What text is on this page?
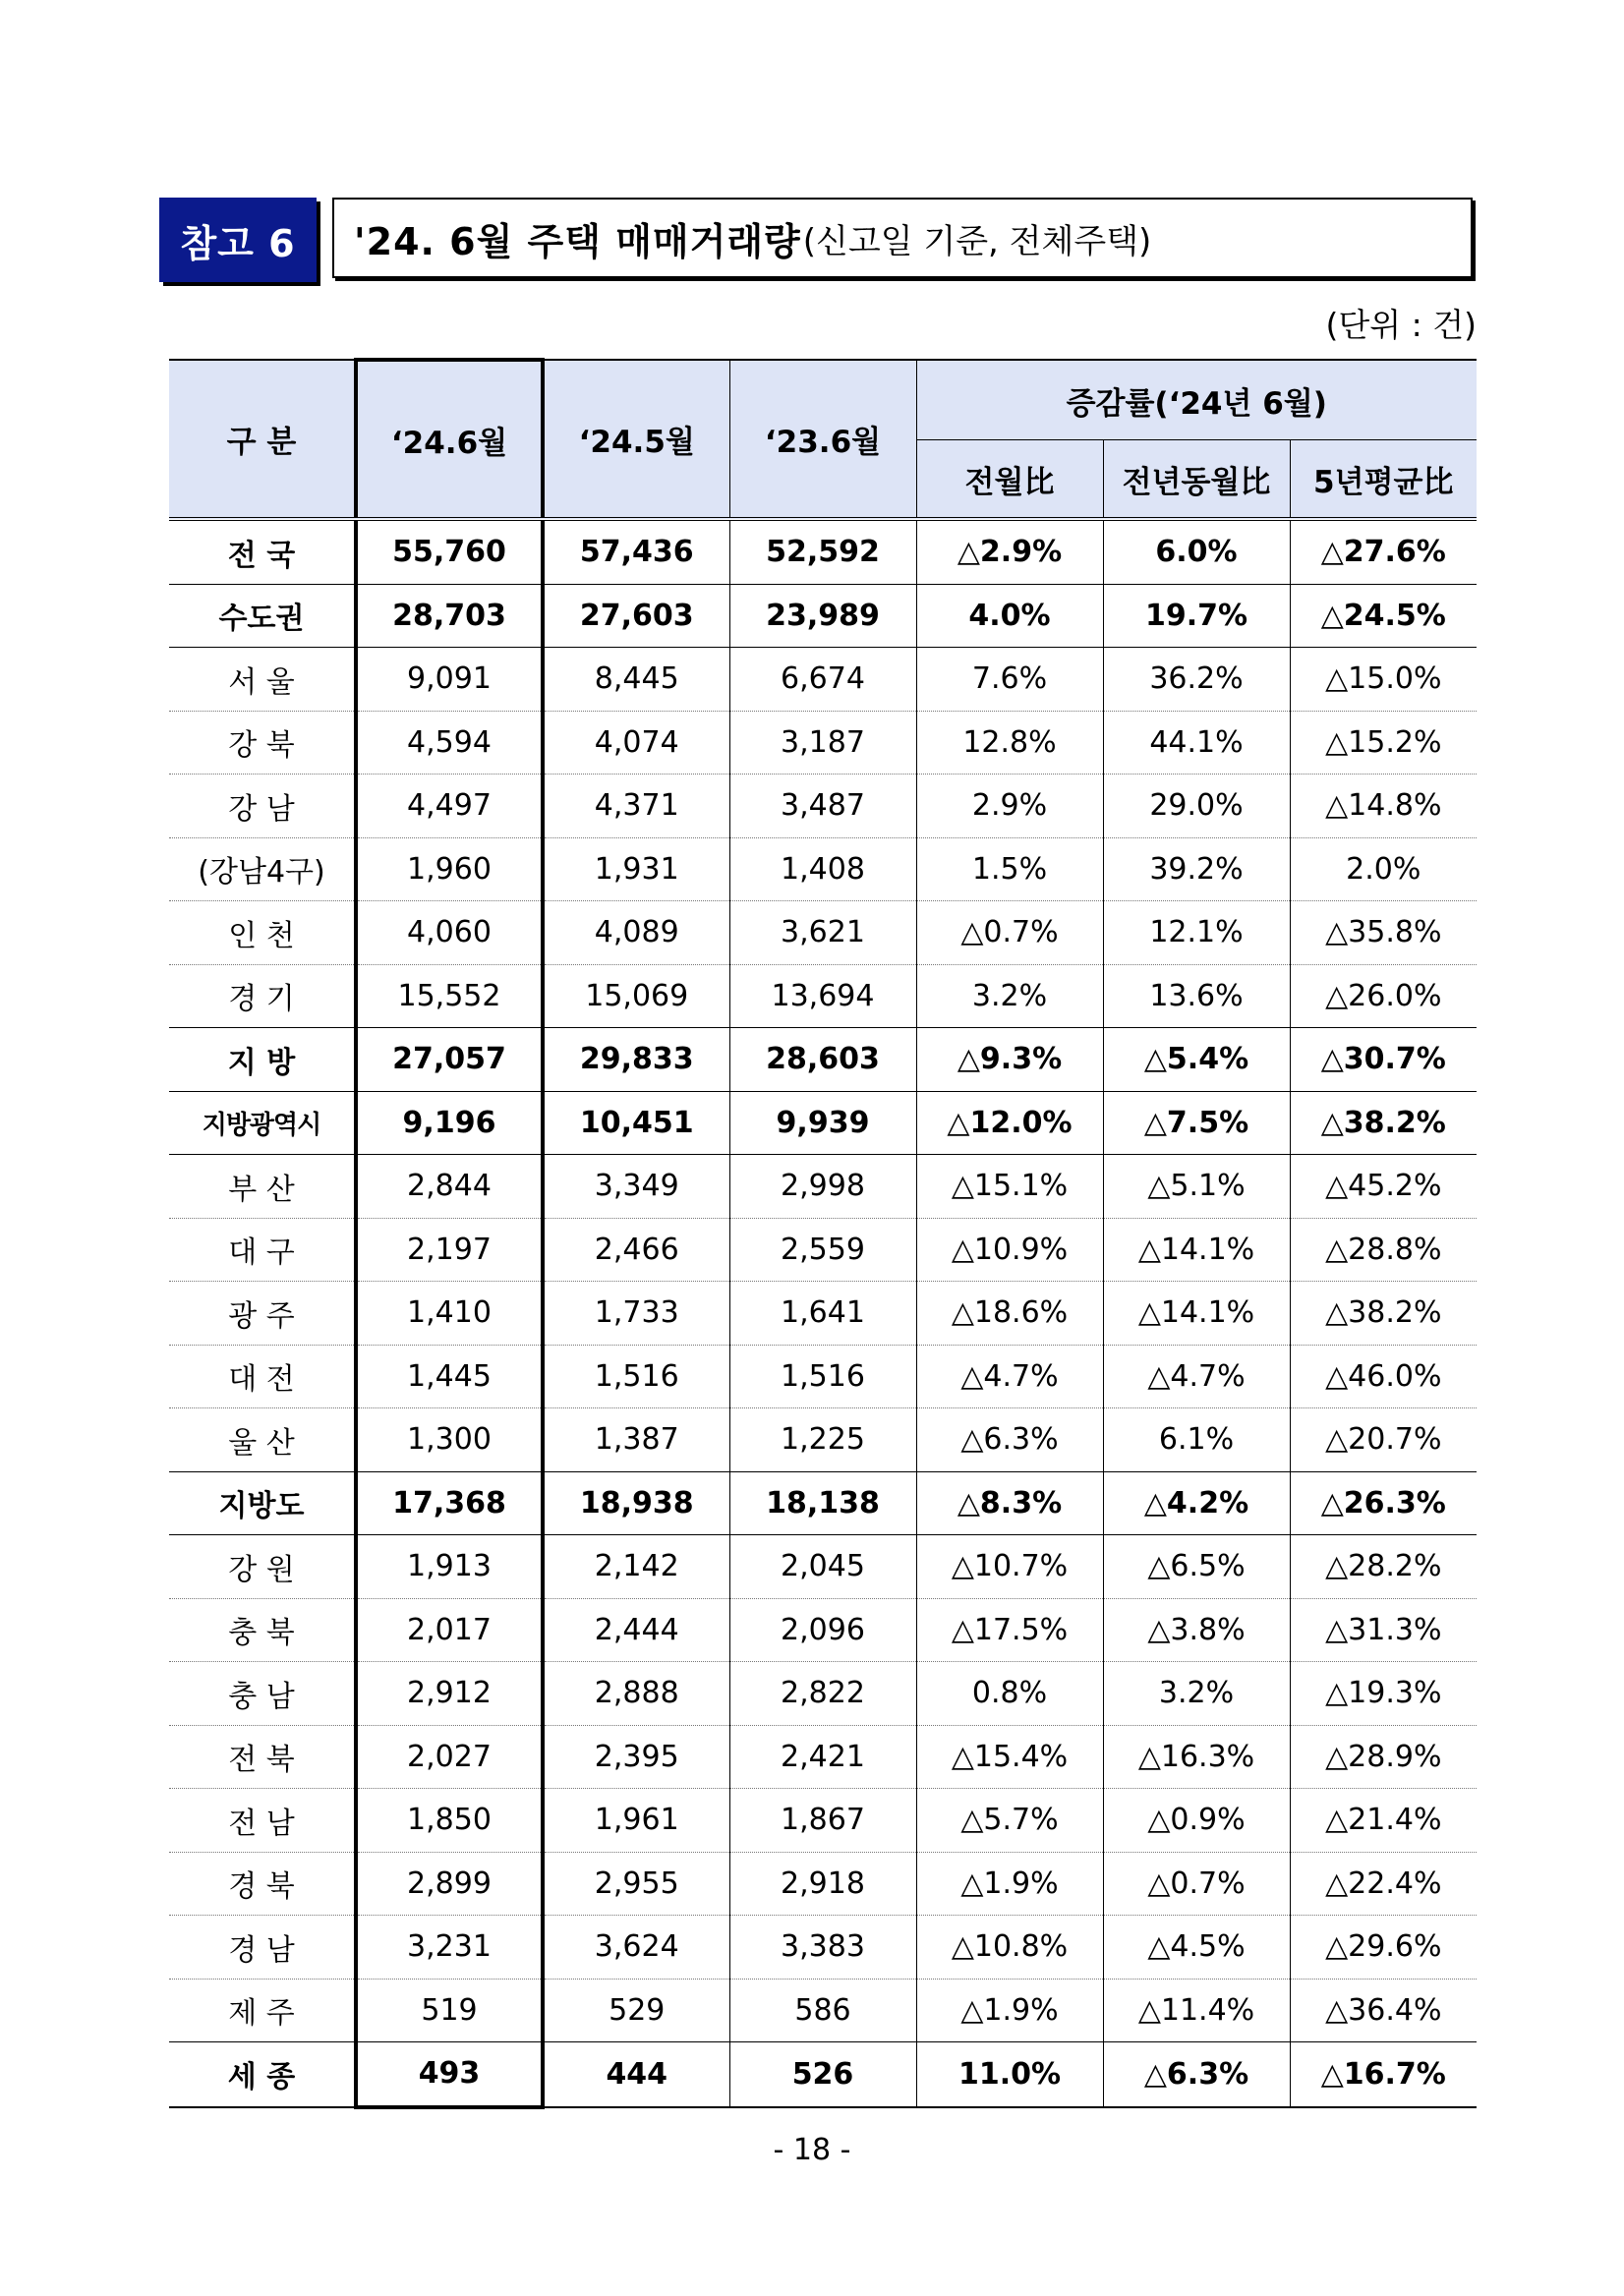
참고 6	'24. 6월 주택 매매거래량 (신고일 기준, 전체주택)
(단위 : 건)
구 분	‘24.6월	‘24.5월	‘23.6월	증감률(‘24년 6월)		
				전월比	전년동월比	5년평균比
전 국	55,760	57,436	52,592	△2.9%	6.0%	△27.6%
수도권	28,703	27,603	23,989	4.0%	19.7%	△24.5%
서 울	9,091	8,445	6,674	7.6%	36.2%	△15.0%
강 북	4,594	4,074	3,187	12.8%	44.1%	△15.2%
강 남	4,497	4,371	3,487	2.9%	29.0%	△14.8%
(강남4구)	1,960	1,931	1,408	1.5%	39.2%	2.0%
인 천	4,060	4,089	3,621	△0.7%	12.1%	△35.8%
경 기	15,552	15,069	13,694	3.2%	13.6%	△26.0%
지 방	27,057	29,833	28,603	△9.3%	△5.4%	△30.7%
지방광역시	9,196	10,451	9,939	△12.0%	△7.5%	△38.2%
부 산	2,844	3,349	2,998	△15.1%	△5.1%	△45.2%
대 구	2,197	2,466	2,559	△10.9%	△14.1%	△28.8%
광 주	1,410	1,733	1,641	△18.6%	△14.1%	△38.2%
대 전	1,445	1,516	1,516	△4.7%	△4.7%	△46.0%
울 산	1,300	1,387	1,225	△6.3%	6.1%	△20.7%
지방도	17,368	18,938	18,138	△8.3%	△4.2%	△26.3%
강 원	1,913	2,142	2,045	△10.7%	△6.5%	△28.2%
충 북	2,017	2,444	2,096	△17.5%	△3.8%	△31.3%
충 남	2,912	2,888	2,822	0.8%	3.2%	△19.3%
전 북	2,027	2,395	2,421	△15.4%	△16.3%	△28.9%
전 남	1,850	1,961	1,867	△5.7%	△0.9%	△21.4%
경 북	2,899	2,955	2,918	△1.9%	△0.7%	△22.4%
경 남	3,231	3,624	3,383	△10.8%	△4.5%	△29.6%
제 주	519	529	586	△1.9%	△11.4%	△36.4%
세 종	493	444	526	11.0%	△6.3%	△16.7%
- 18 -
